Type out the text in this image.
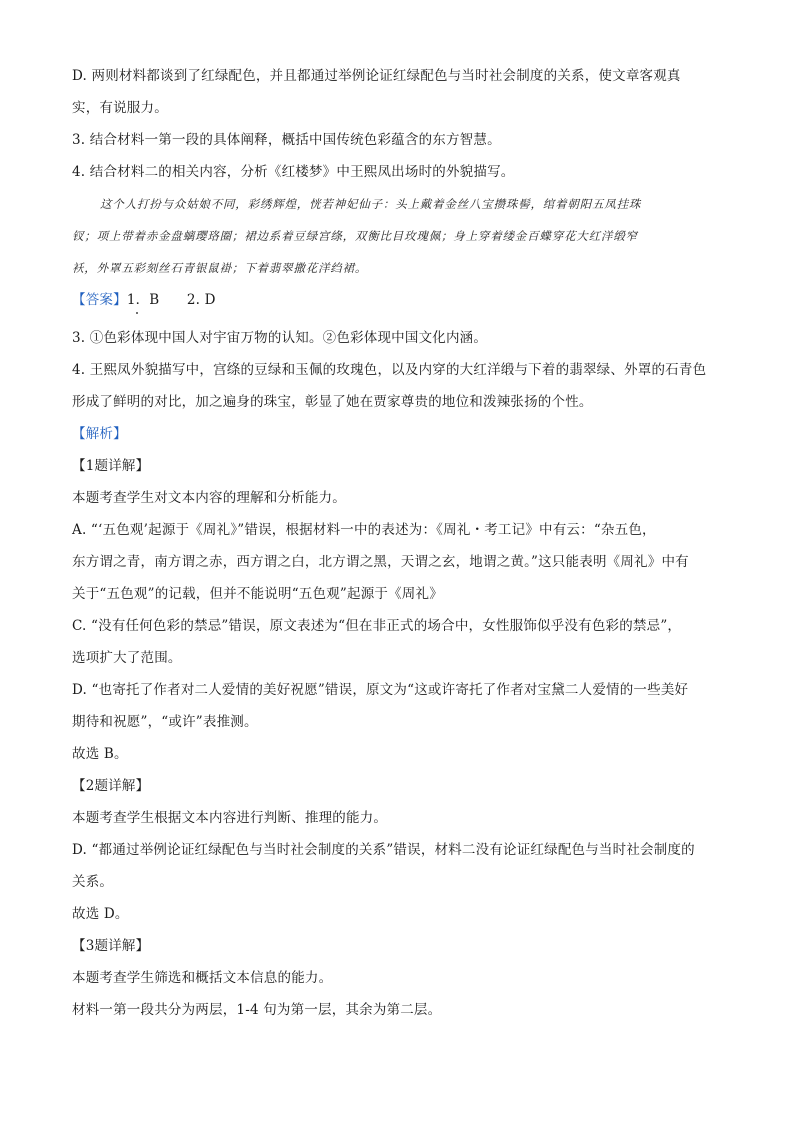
D. 两则材料都谈到了红绿配色，并且都通过举例论证红绿配色与当时社会制度的关系，使文章客观真
实，有说服力。
3. 结合材料一第一段的具体阐释，概括中国传统色彩蕴含的东方智慧。
4. 结合材料二的相关内容，分析《红楼梦》中王熙凤出场时的外貌描写。
这个人打扮与众姑娘不同，彩绣辉煌，恍若神妃仙子：头上戴着金丝八宝攒珠髻，绾着朝阳五凤挂珠
钗；项上带着赤金盘螭璎珞圈；裙边系着豆绿宫绦，双衡比目玫瑰佩；身上穿着缕金百蝶穿花大红洋缎窄
袄，外罩五彩刻丝石青银鼠褂；下着翡翠撒花洋绉裙。
【答案】1．B　　2. D
3. ①色彩体现中国人对宇宙万物的认知。②色彩体现中国文化内涵。
4. 王熙凤外貌描写中，宫绦的豆绿和玉佩的玫瑰色，以及内穿的大红洋缎与下着的翡翠绿、外罩的石青色
形成了鲜明的对比，加之遍身的珠宝，彰显了她在贾家尊贵的地位和泼辣张扬的个性。
【解析】
【1题详解】
本题考查学生对文本内容的理解和分析能力。
A. “‘五色观’起源于《周礼》”错误，根据材料一中的表述为：《周礼・考工记》中有云：“杂五色，
东方谓之青，南方谓之赤，西方谓之白，北方谓之黑，天谓之玄，地谓之黄。”这只能表明《周礼》中有
关于“五色观”的记载，但并不能说明“五色观”起源于《周礼》
C. “没有任何色彩的禁忌”错误，原文表述为“但在非正式的场合中，女性服饰似乎没有色彩的禁忌”，
选项扩大了范围。
D. “也寄托了作者对二人爱情的美好祝愿”错误，原文为“这或许寄托了作者对宝黛二人爱情的一些美好
期待和祝愿”，“或许”表推测。
故选 B。
【2题详解】
本题考查学生根据文本内容进行判断、推理的能力。
D. “都通过举例论证红绿配色与当时社会制度的关系”错误，材料二没有论证红绿配色与当时社会制度的
关系。
故选 D。
【3题详解】
本题考查学生筛选和概括文本信息的能力。
材料一第一段共分为两层，1-4 句为第一层，其余为第二层。
